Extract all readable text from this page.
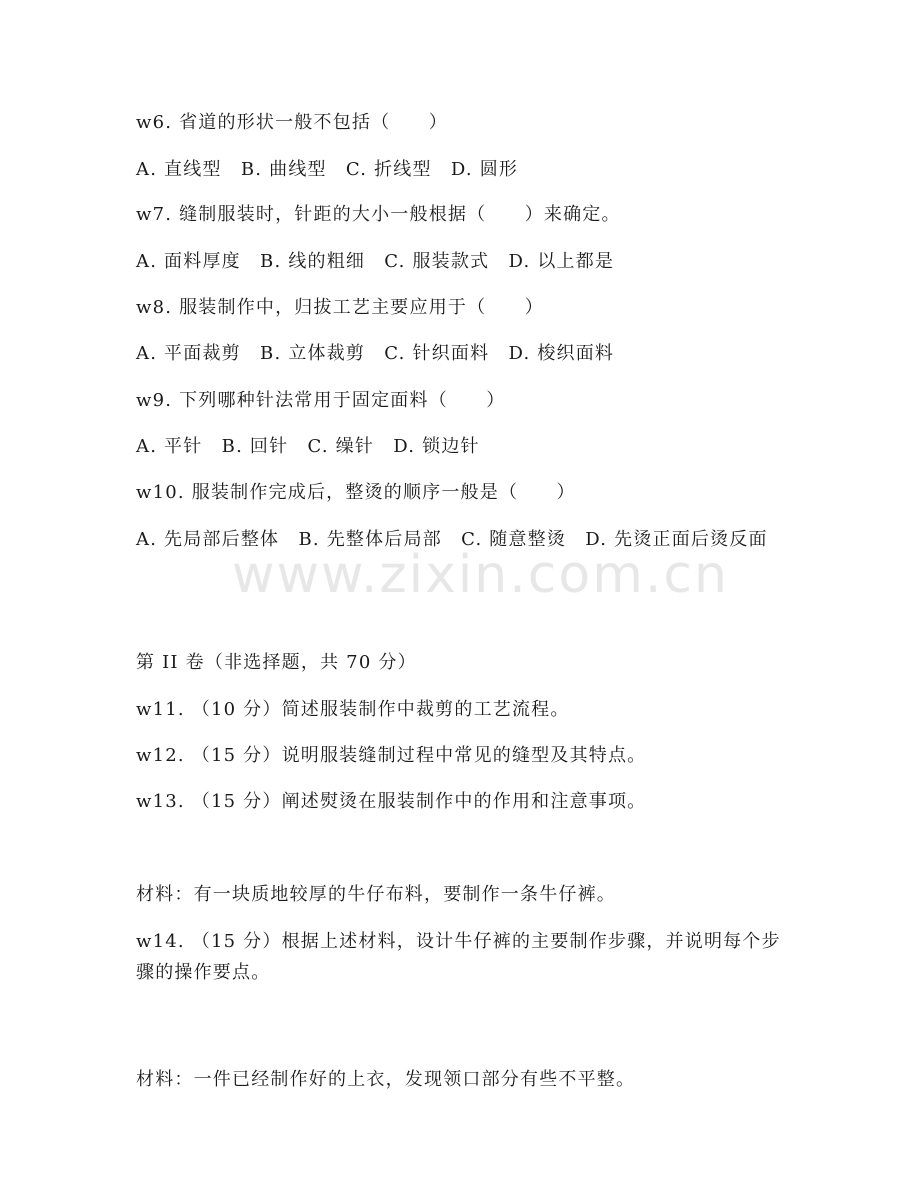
w6. 省道的形状一般不包括（　　）
A. 直线型　B. 曲线型　C. 折线型　D. 圆形
w7. 缝制服装时，针距的大小一般根据（　　）来确定。
A. 面料厚度　B. 线的粗细　C. 服装款式　D. 以上都是
w8. 服装制作中，归拔工艺主要应用于（　　）
A. 平面裁剪　B. 立体裁剪　C. 针织面料　D. 梭织面料
w9. 下列哪种针法常用于固定面料（　　）
A. 平针　B. 回针　C. 缲针　D. 锁边针
w10. 服装制作完成后，整烫的顺序一般是（　　）
A. 先局部后整体　B. 先整体后局部　C. 随意整烫　D. 先烫正面后烫反面
www.zixin.com.cn
第 II 卷（非选择题，共 70 分）
w11. （10 分）简述服装制作中裁剪的工艺流程。
w12. （15 分）说明服装缝制过程中常见的缝型及其特点。
w13. （15 分）阐述熨烫在服装制作中的作用和注意事项。
材料：有一块质地较厚的牛仔布料，要制作一条牛仔裤。
w14. （15 分）根据上述材料，设计牛仔裤的主要制作步骤，并说明每个步骤的操作要点。
材料：一件已经制作好的上衣，发现领口部分有些不平整。
